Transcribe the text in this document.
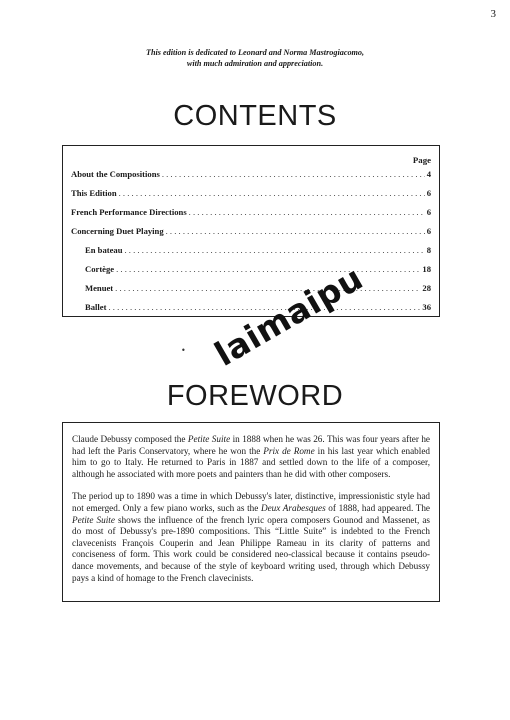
3
This edition is dedicated to Leonard and Norma Mastrogiacomo,
with much admiration and appreciation.
CONTENTS
Page
About the Compositions . . .	4
This Edition . . .	6
French Performance Directions . . .	6
Concerning Duet Playing . . .	6
En bateau . . .	8
Cortège . . .	18
Menuet . . .	28
Ballet . . .	36
•
FOREWORD
laimaipu

Claude Debussy composed the Petite Suite in 1888 when he was 26. This was four years after he had left the Paris Conservatory, where he won the Prix de Rome in his last year which enabled him to go to Italy. He returned to Paris in 1887 and settled down to the life of a composer, although he associated with more poets and painters than he did with other composers.

The period up to 1890 was a time in which Debussy's later, distinctive, impressionistic style had not emerged. Only a few piano works, such as the Deux Arabesques of 1888, had appeared. The Petite Suite shows the influence of the french lyric opera composers Gounod and Massenet, as do most of Debussy's pre-1890 compositions. This “Little Suite” is indebted to the French clavecenists François Couperin and Jean Philippe Rameau in its clarity of patterns and conciseness of form. This work could be considered neo-classical because it contains pseudo-dance movements, and because of the style of keyboard writing used, through which Debussy pays a kind of homage to the French clavecinists.
